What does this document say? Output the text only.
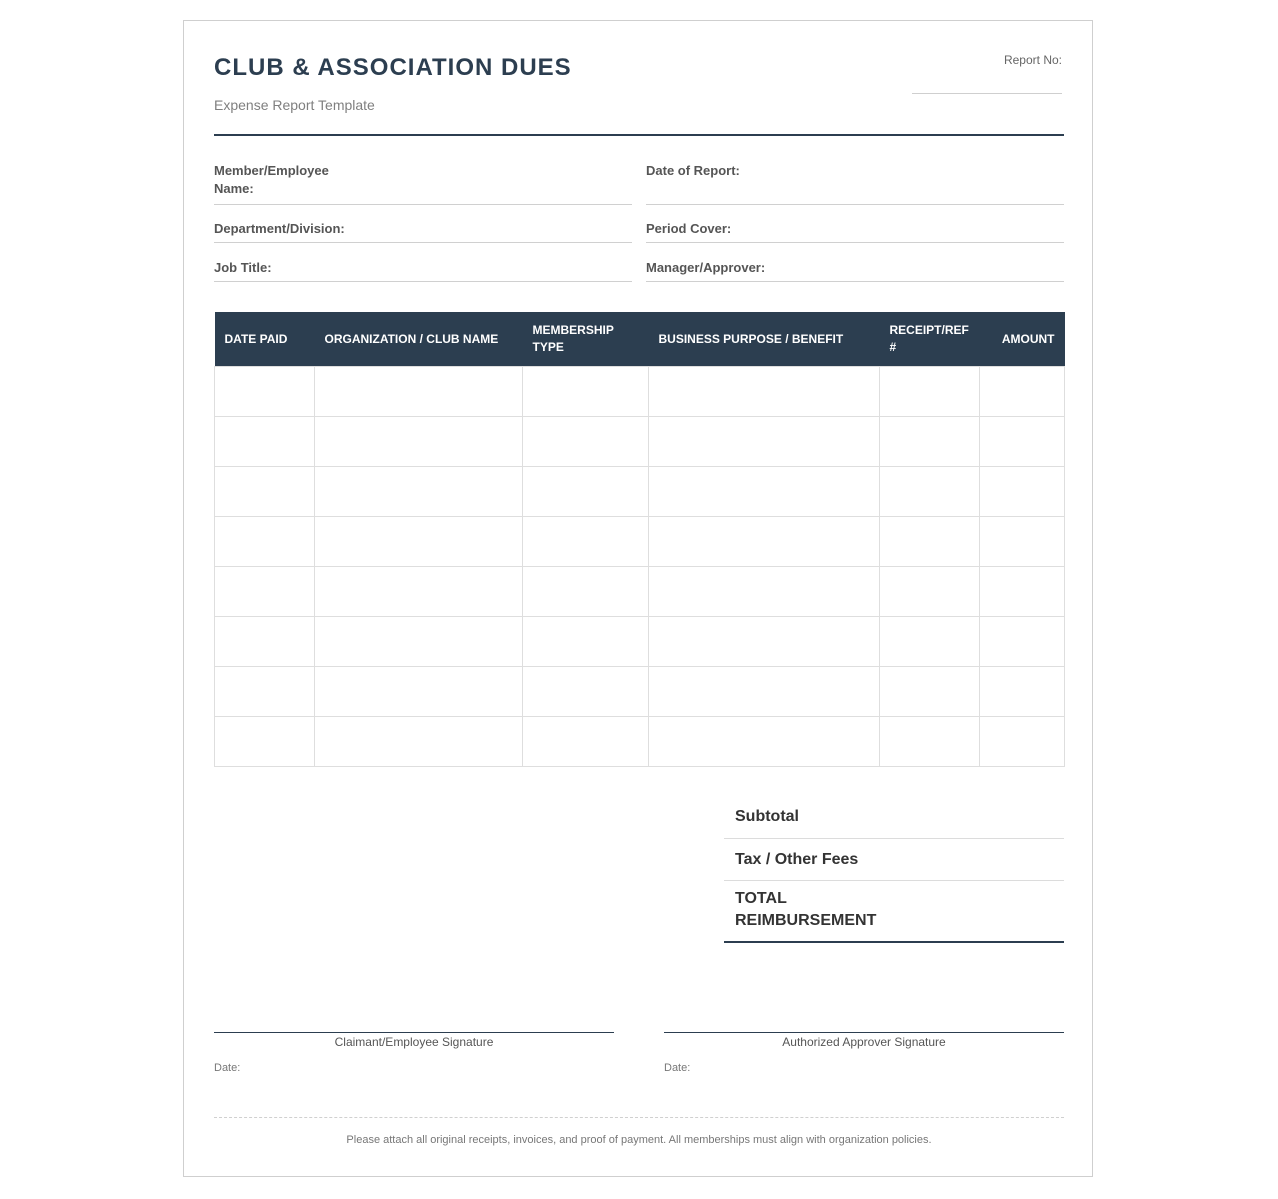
CLUB & ASSOCIATION DUES
Expense Report Template
Report No:
Member/Employee Name:
Date of Report:
Department/Division:	Period Cover:
Job Title:	Manager/Approver:
DATE PAID	ORGANIZATION / CLUB NAME	MEMBERSHIP TYPE	BUSINESS PURPOSE / BENEFIT	RECEIPT/REF #	AMOUNT

Subtotal
Tax / Other Fees
TOTAL REIMBURSEMENT
Claimant/Employee Signature
Date:
Authorized Approver Signature
Date:
Please attach all original receipts, invoices, and proof of payment. All memberships must align with organization policies.
